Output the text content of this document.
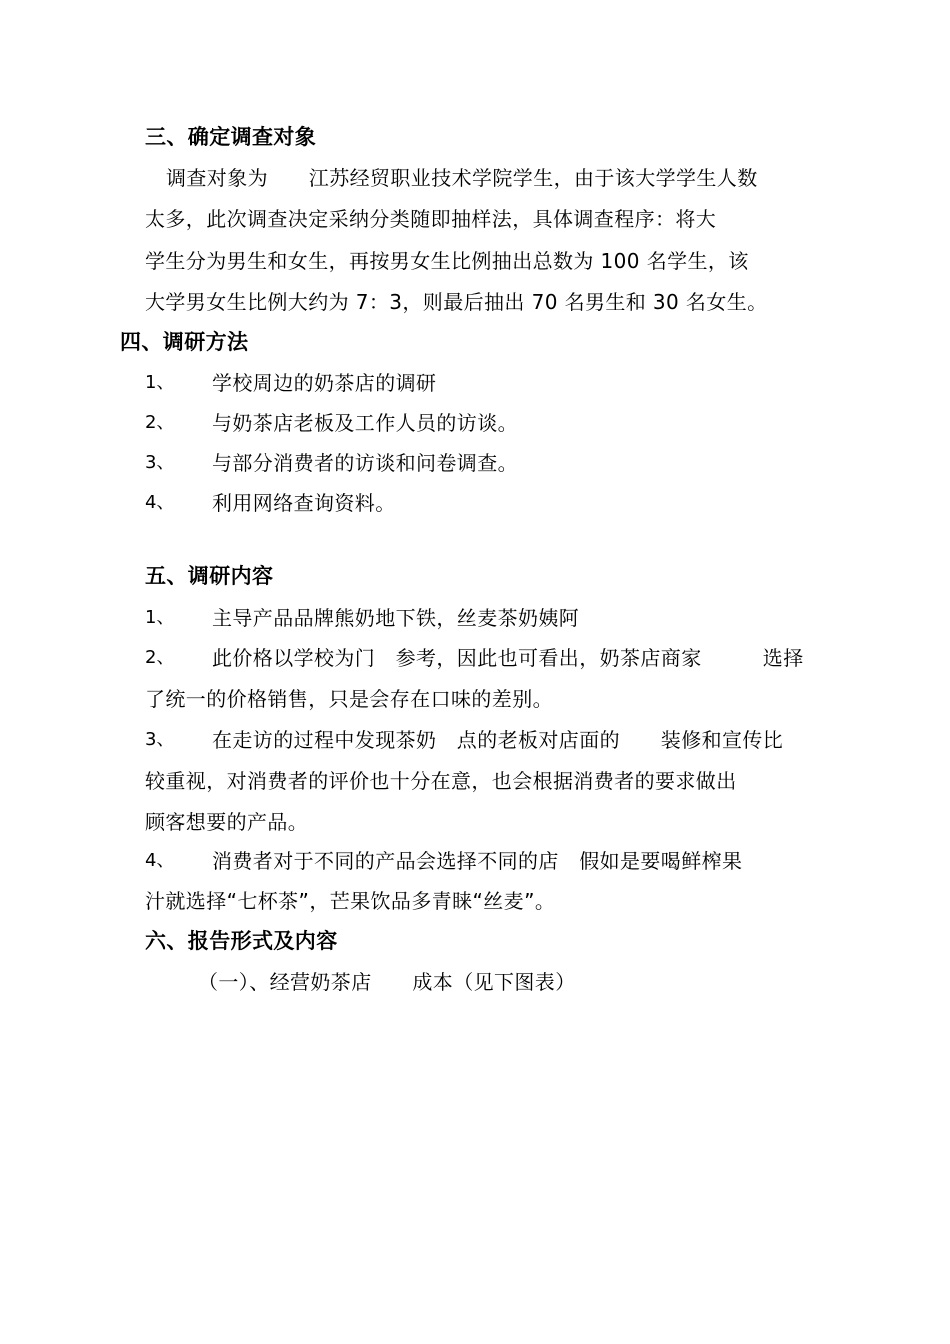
三、确定调查对象
调查对象为　　江苏经贸职业技术学院学生，由于该大学学生人数
太多，此次调查决定采纳分类随即抽样法，具体调查程序：将大
学生分为男生和女生，再按男女生比例抽出总数为 100 名学生，该
大学男女生比例大约为 7：3，则最后抽出 70 名男生和 30 名女生。
四、调研方法
1、 学校周边的奶茶店的调研
2、 与奶茶店老板及工作人员的访谈。
3、 与部分消费者的访谈和问卷调查。
4、 利用网络查询资料。
五、调研内容
1、 主导产品品牌熊奶地下铁，丝麦茶奶姨阿
2、 此价格以学校为门　参考，因此也可看出，奶茶店商家　　　选择
了统一的价格销售，只是会存在口味的差别。
3、 在走访的过程中发现茶奶　点的老板对店面的　　装修和宣传比
较重视，对消费者的评价也十分在意，也会根据消费者的要求做出
顾客想要的产品。
4、 消费者对于不同的产品会选择不同的店　假如是要喝鲜榨果
汁就选择“七杯茶”，芒果饮品多青睐“丝麦”。
六、报告形式及内容
（一）、经营奶茶店　　成本（见下图表）
